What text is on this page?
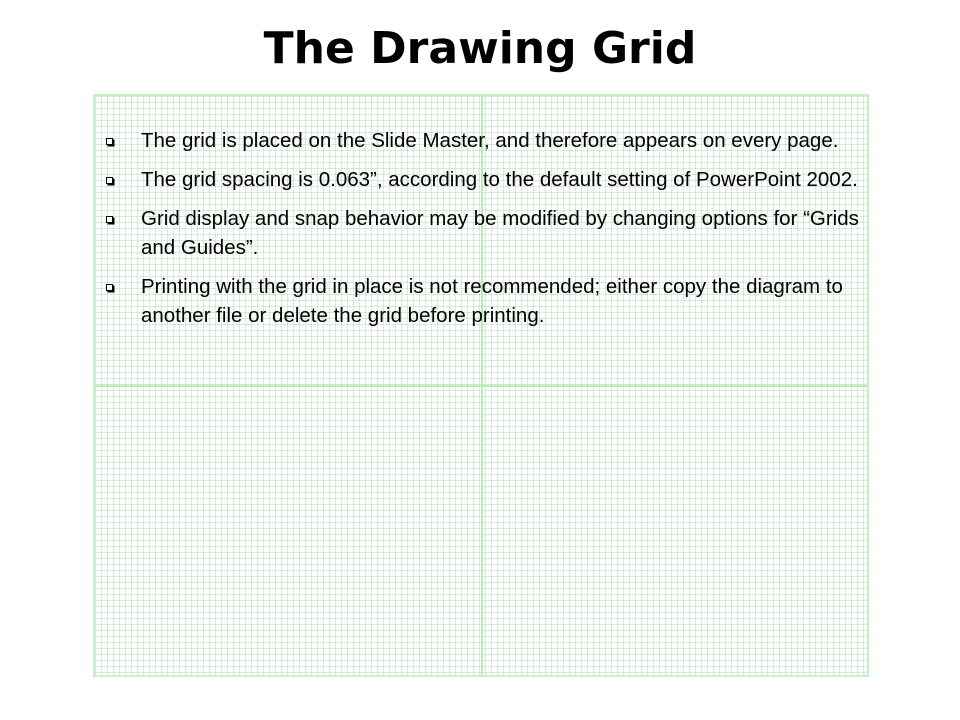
The Drawing Grid
The grid is placed on the Slide Master, and therefore appears on every page.
The grid spacing is 0.063”, according to the default setting of PowerPoint 2002.
Grid display and snap behavior may be modified by changing options for “Grids and Guides”.
Printing with the grid in place is not recommended; either copy the diagram to another file or delete the grid before printing.
